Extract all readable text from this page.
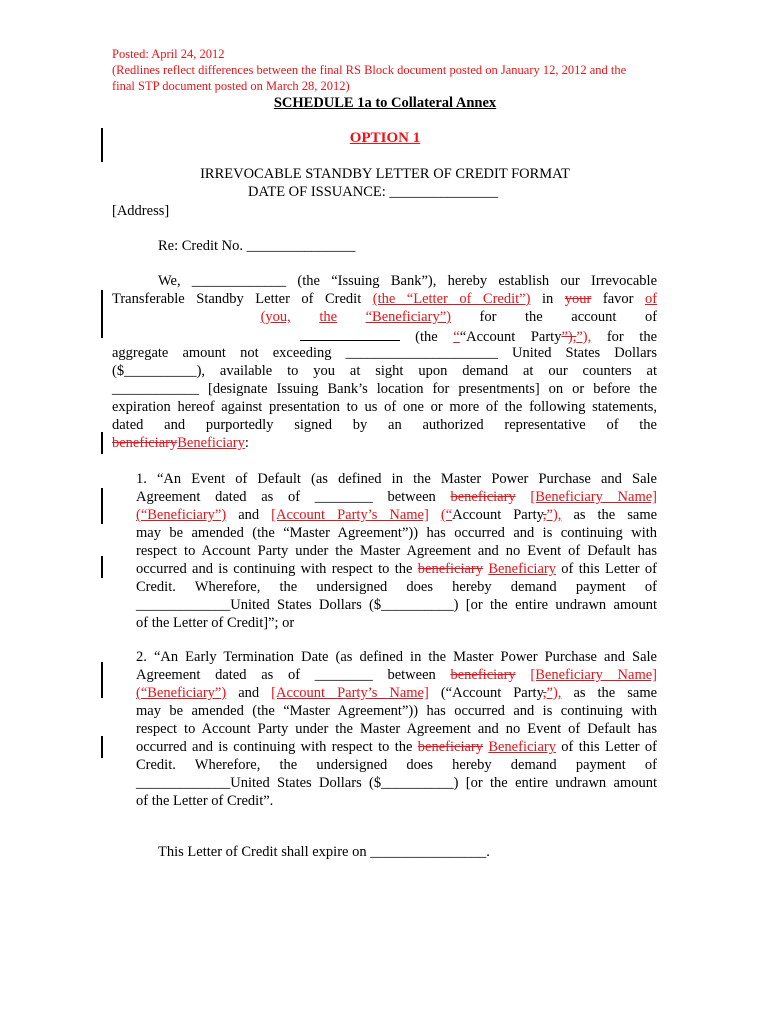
Posted: April 24, 2012
(Redlines reflect differences between the final RS Block document posted on January 12, 2012 and the
final STP document posted on March 28, 2012)
SCHEDULE 1a to Collateral Annex
OPTION 1
IRREVOCABLE STANDBY LETTER OF CREDIT FORMAT
DATE OF ISSUANCE: _______________
[Address]
Re: Credit No. _______________
We, _____________ (the “Issuing Bank”), hereby establish our Irrevocable
Transferable Standby Letter of Credit (the “Letter of Credit”) in your favor of
(you, the “Beneficiary”) for the account of
(the ““Account Party”),”), for the
aggregate amount not exceeding _____________________ United States Dollars
($__________), available to you at sight upon demand at our counters at
____________ [designate Issuing Bank’s location for presentments] on or before the
expiration hereof against presentation to us of one or more of the following statements,
dated and purportedly signed by an authorized representative of the
beneficiaryBeneficiary:
1. “An Event of Default (as defined in the Master Power Purchase and Sale
Agreement dated as of ________ between beneficiary [Beneficiary Name]
(“Beneficiary”) and [Account Party’s Name] (“Account Party,”), as the same
may be amended (the “Master Agreement”)) has occurred and is continuing with
respect to Account Party under the Master Agreement and no Event of Default has
occurred and is continuing with respect to the beneficiary Beneficiary of this Letter of
Credit. Wherefore, the undersigned does hereby demand payment of
_____________United States Dollars ($__________) [or the entire undrawn amount
of the Letter of Credit]”; or
2. “An Early Termination Date (as defined in the Master Power Purchase and Sale
Agreement dated as of ________ between beneficiary [Beneficiary Name]
(“Beneficiary”) and [Account Party’s Name] (“Account Party,”), as the same
may be amended (the “Master Agreement”)) has occurred and is continuing with
respect to Account Party under the Master Agreement and no Event of Default has
occurred and is continuing with respect to the beneficiary Beneficiary of this Letter of
Credit. Wherefore, the undersigned does hereby demand payment of
_____________United States Dollars ($__________) [or the entire undrawn amount
of the Letter of Credit”.
This Letter of Credit shall expire on ________________.
